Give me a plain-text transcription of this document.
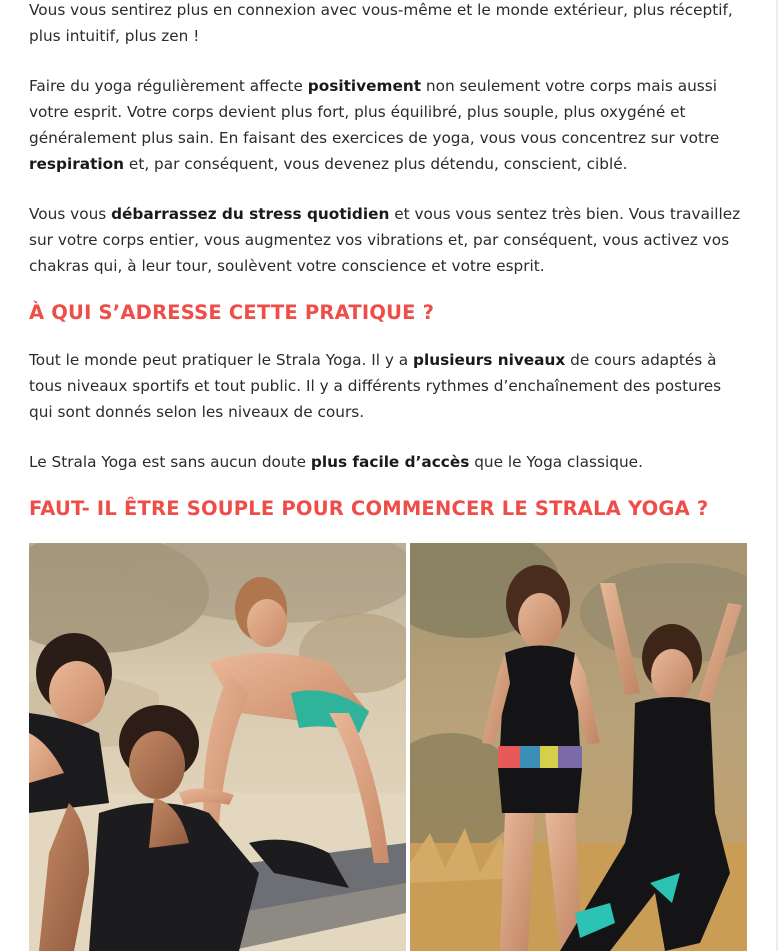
Vous vous sentirez plus en connexion avec vous-même et le monde extérieur, plus réceptif, plus intuitif, plus zen !

Faire du yoga régulièrement affecte positivement non seulement votre corps mais aussi votre esprit. Votre corps devient plus fort, plus équilibré, plus souple, plus oxygéné et généralement plus sain. En faisant des exercices de yoga, vous vous concentrez sur votre respiration et, par conséquent, vous devenez plus détendu, conscient, ciblé.

Vous vous débarrassez du stress quotidien et vous vous sentez très bien. Vous travaillez sur votre corps entier, vous augmentez vos vibrations et, par conséquent, vous activez vos chakras qui, à leur tour, soulèvent votre conscience et votre esprit.

À QUI S’ADRESSE CETTE PRATIQUE ?

Tout le monde peut pratiquer le Strala Yoga. Il y a plusieurs niveaux de cours adaptés à tous niveaux sportifs et tout public. Il y a différents rythmes d’enchaînement des postures qui sont donnés selon les niveaux de cours.

Le Strala Yoga est sans aucun doute plus facile d’accès que le Yoga classique.

FAUT- IL ÊTRE SOUPLE POUR COMMENCER LE STRALA YOGA ?
